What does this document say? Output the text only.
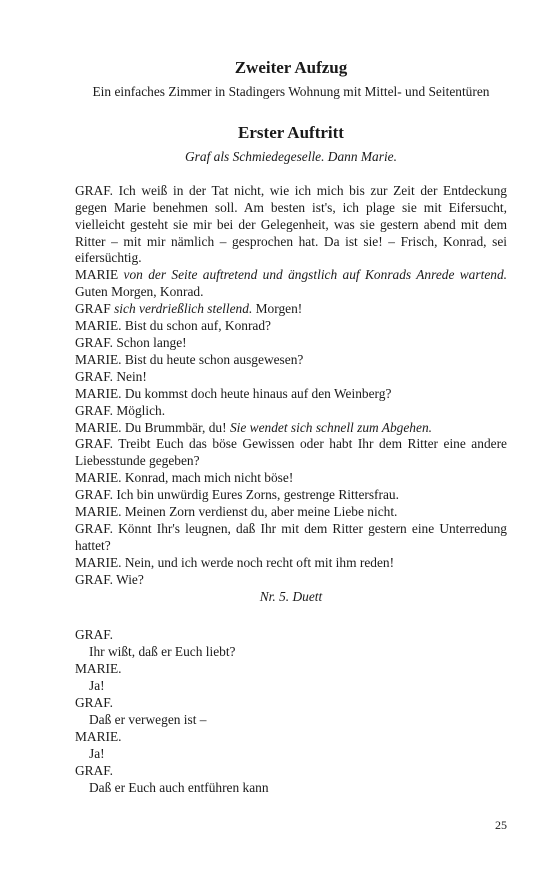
Zweiter Aufzug

Ein einfaches Zimmer in Stadingers Wohnung mit Mittel- und Seitentüren

Erster Auftritt

Graf als Schmiedegeselle. Dann Marie.

GRAF. Ich weiß in der Tat nicht, wie ich mich bis zur Zeit der Entdeckung gegen Marie benehmen soll. Am besten ist's, ich plage sie mit Eifersucht, vielleicht gesteht sie mir bei der Gelegenheit, was sie gestern abend mit dem Ritter – mit mir nämlich – gesprochen hat. Da ist sie! – Frisch, Konrad, sei eifersüchtig.

MARIE von der Seite auftretend und ängstlich auf Konrads Anrede wartend. Guten Morgen, Konrad.

GRAF sich verdrießlich stellend. Morgen!

MARIE. Bist du schon auf, Konrad?

GRAF. Schon lange!

MARIE. Bist du heute schon ausgewesen?

GRAF. Nein!

MARIE. Du kommst doch heute hinaus auf den Weinberg?

GRAF. Möglich.

MARIE. Du Brummbär, du! Sie wendet sich schnell zum Abgehen.

GRAF. Treibt Euch das böse Gewissen oder habt Ihr dem Ritter eine andere Liebesstunde gegeben?

MARIE. Konrad, mach mich nicht böse!

GRAF. Ich bin unwürdig Eures Zorns, gestrenge Rittersfrau.

MARIE. Meinen Zorn verdienst du, aber meine Liebe nicht.

GRAF. Könnt Ihr's leugnen, daß Ihr mit dem Ritter gestern eine Unterredung hattet?

MARIE. Nein, und ich werde noch recht oft mit ihm reden!

GRAF. Wie?

Nr. 5. Duett

GRAF.

Ihr wißt, daß er Euch liebt?

MARIE.

Ja!

GRAF.

Daß er verwegen ist –

MARIE.

Ja!

GRAF.

Daß er Euch auch entführen kann

25
